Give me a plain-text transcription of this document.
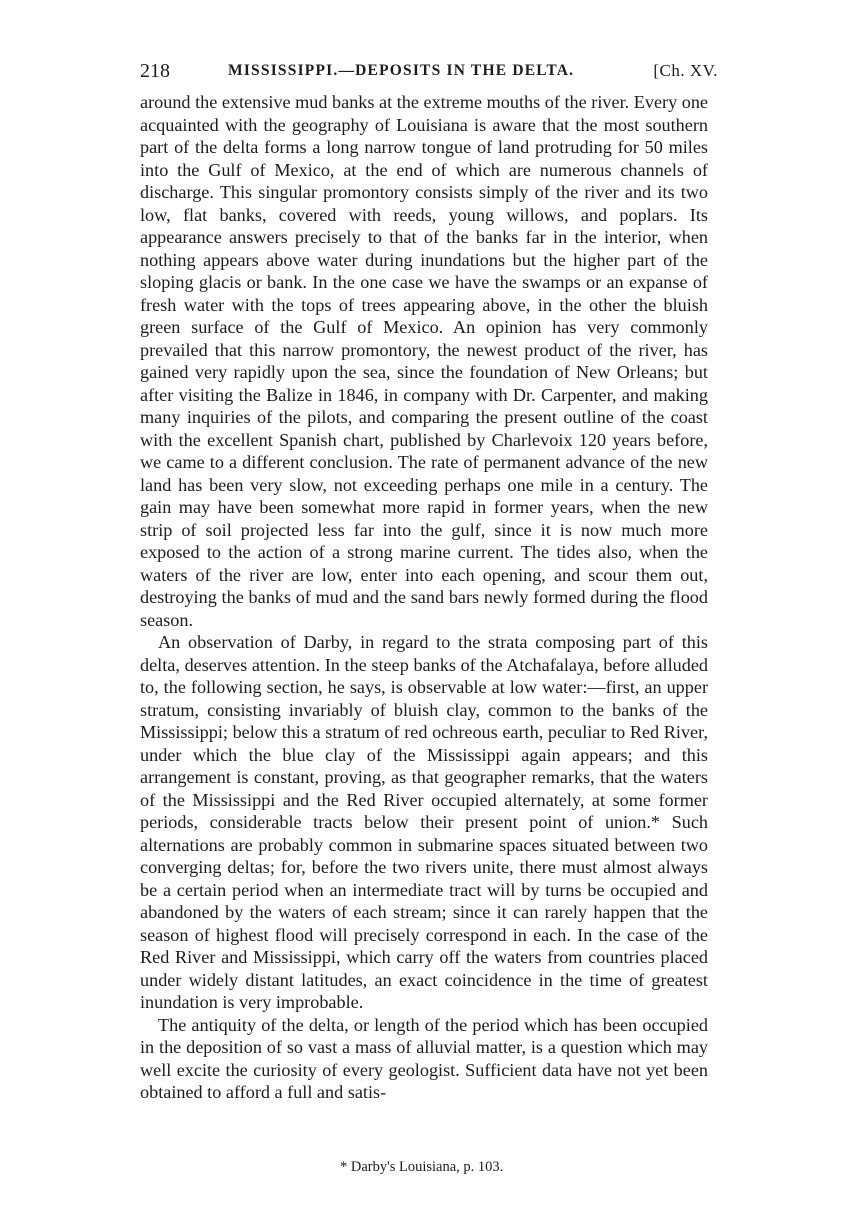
218	MISSISSIPPI.—DEPOSITS IN THE DELTA.	[Ch. XV.

around the extensive mud banks at the extreme mouths of the river. Every one acquainted with the geography of Louisiana is aware that the most southern part of the delta forms a long narrow tongue of land protruding for 50 miles into the Gulf of Mexico, at the end of which are numerous channels of discharge. This singular promontory consists simply of the river and its two low, flat banks, covered with reeds, young willows, and poplars. Its appearance answers precisely to that of the banks far in the interior, when nothing appears above water during inundations but the higher part of the sloping glacis or bank. In the one case we have the swamps or an expanse of fresh water with the tops of trees appearing above, in the other the bluish green surface of the Gulf of Mexico. An opinion has very commonly prevailed that this narrow promontory, the newest product of the river, has gained very rapidly upon the sea, since the foundation of New Orleans; but after visiting the Balize in 1846, in company with Dr. Carpenter, and making many inquiries of the pilots, and comparing the present outline of the coast with the excellent Spanish chart, published by Charlevoix 120 years before, we came to a different conclusion. The rate of permanent advance of the new land has been very slow, not exceeding perhaps one mile in a century. The gain may have been somewhat more rapid in former years, when the new strip of soil projected less far into the gulf, since it is now much more exposed to the action of a strong marine current. The tides also, when the waters of the river are low, enter into each opening, and scour them out, destroying the banks of mud and the sand bars newly formed during the flood season.

An observation of Darby, in regard to the strata composing part of this delta, deserves attention. In the steep banks of the Atchafalaya, before alluded to, the following section, he says, is observable at low water:—first, an upper stratum, consisting invariably of bluish clay, common to the banks of the Mississippi; below this a stratum of red ochreous earth, peculiar to Red River, under which the blue clay of the Mississippi again appears; and this arrangement is constant, proving, as that geographer remarks, that the waters of the Mississippi and the Red River occupied alternately, at some former periods, considerable tracts below their present point of union.* Such alternations are probably common in submarine spaces situated between two converging deltas; for, before the two rivers unite, there must almost always be a certain period when an intermediate tract will by turns be occupied and abandoned by the waters of each stream; since it can rarely happen that the season of highest flood will precisely correspond in each. In the case of the Red River and Mississippi, which carry off the waters from countries placed under widely distant latitudes, an exact coincidence in the time of greatest inundation is very improbable.

The antiquity of the delta, or length of the period which has been occupied in the deposition of so vast a mass of alluvial matter, is a question which may well excite the curiosity of every geologist. Sufficient data have not yet been obtained to afford a full and satis-

* Darby's Louisiana, p. 103.
